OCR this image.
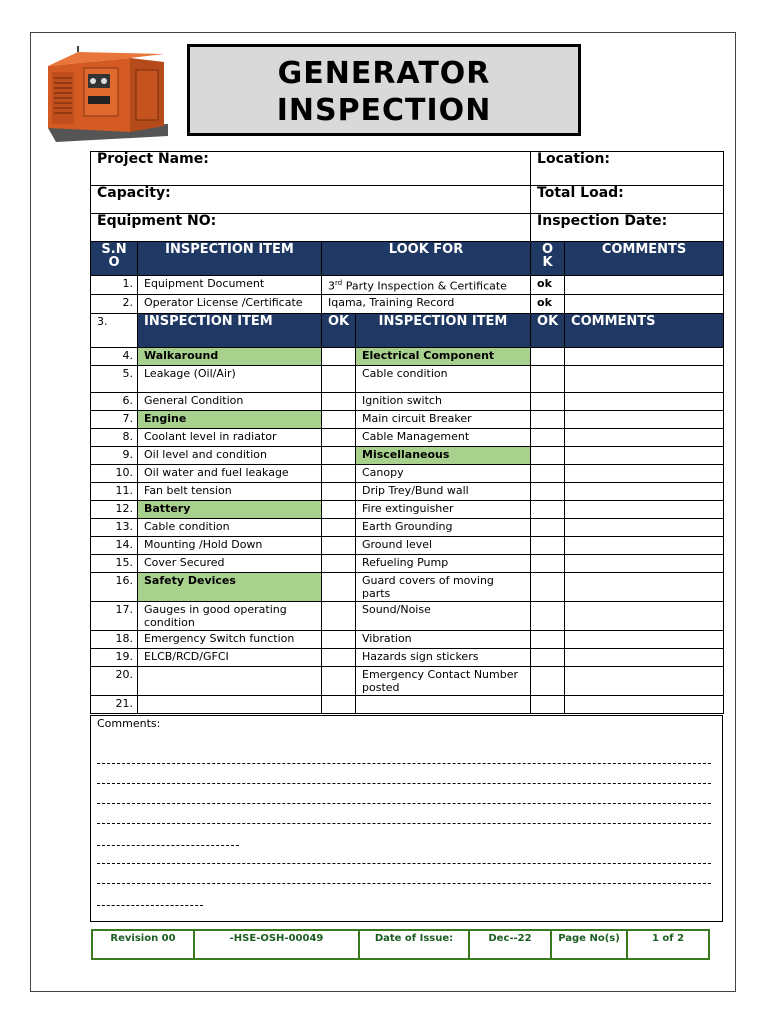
GENERATOR
INSPECTION
Project Name:				Location:	
Capacity:				Total Load:	
Equipment NO:				Inspection Date:	
S.N O	INSPECTION ITEM	LOOK FOR		O K	COMMENTS
1.	Equipment Document	3rd Party Inspection & Certificate		ok	
2.	Operator License /Certificate	Iqama, Training Record		ok	
3.	INSPECTION ITEM	OK	INSPECTION ITEM	OK	COMMENTS
4.	Walkaround		Electrical Component		
5.	Leakage (Oil/Air)		Cable condition		
6.	General Condition		Ignition switch		
7.	Engine		Main circuit Breaker		
8.	Coolant level in radiator		Cable Management		
9.	Oil level and condition		Miscellaneous		
10.	Oil water and fuel leakage		Canopy		
11.	Fan belt tension		Drip Trey/Bund wall		
12.	Battery		Fire extinguisher		
13.	Cable condition		Earth Grounding		
14.	Mounting /Hold Down		Ground level		
15.	Cover Secured		Refueling Pump		
16.	Safety Devices		Guard covers of moving parts		
17.	Gauges in good operating condition		Sound/Noise		
18.	Emergency Switch function		Vibration		
19.	ELCB/RCD/GFCI		Hazards sign stickers		
20.			Emergency Contact Number posted		
21.					
Comments:
Revision 00	-HSE-OSH-00049	Date of Issue:	Dec--22	Page No(s)	1 of 2
